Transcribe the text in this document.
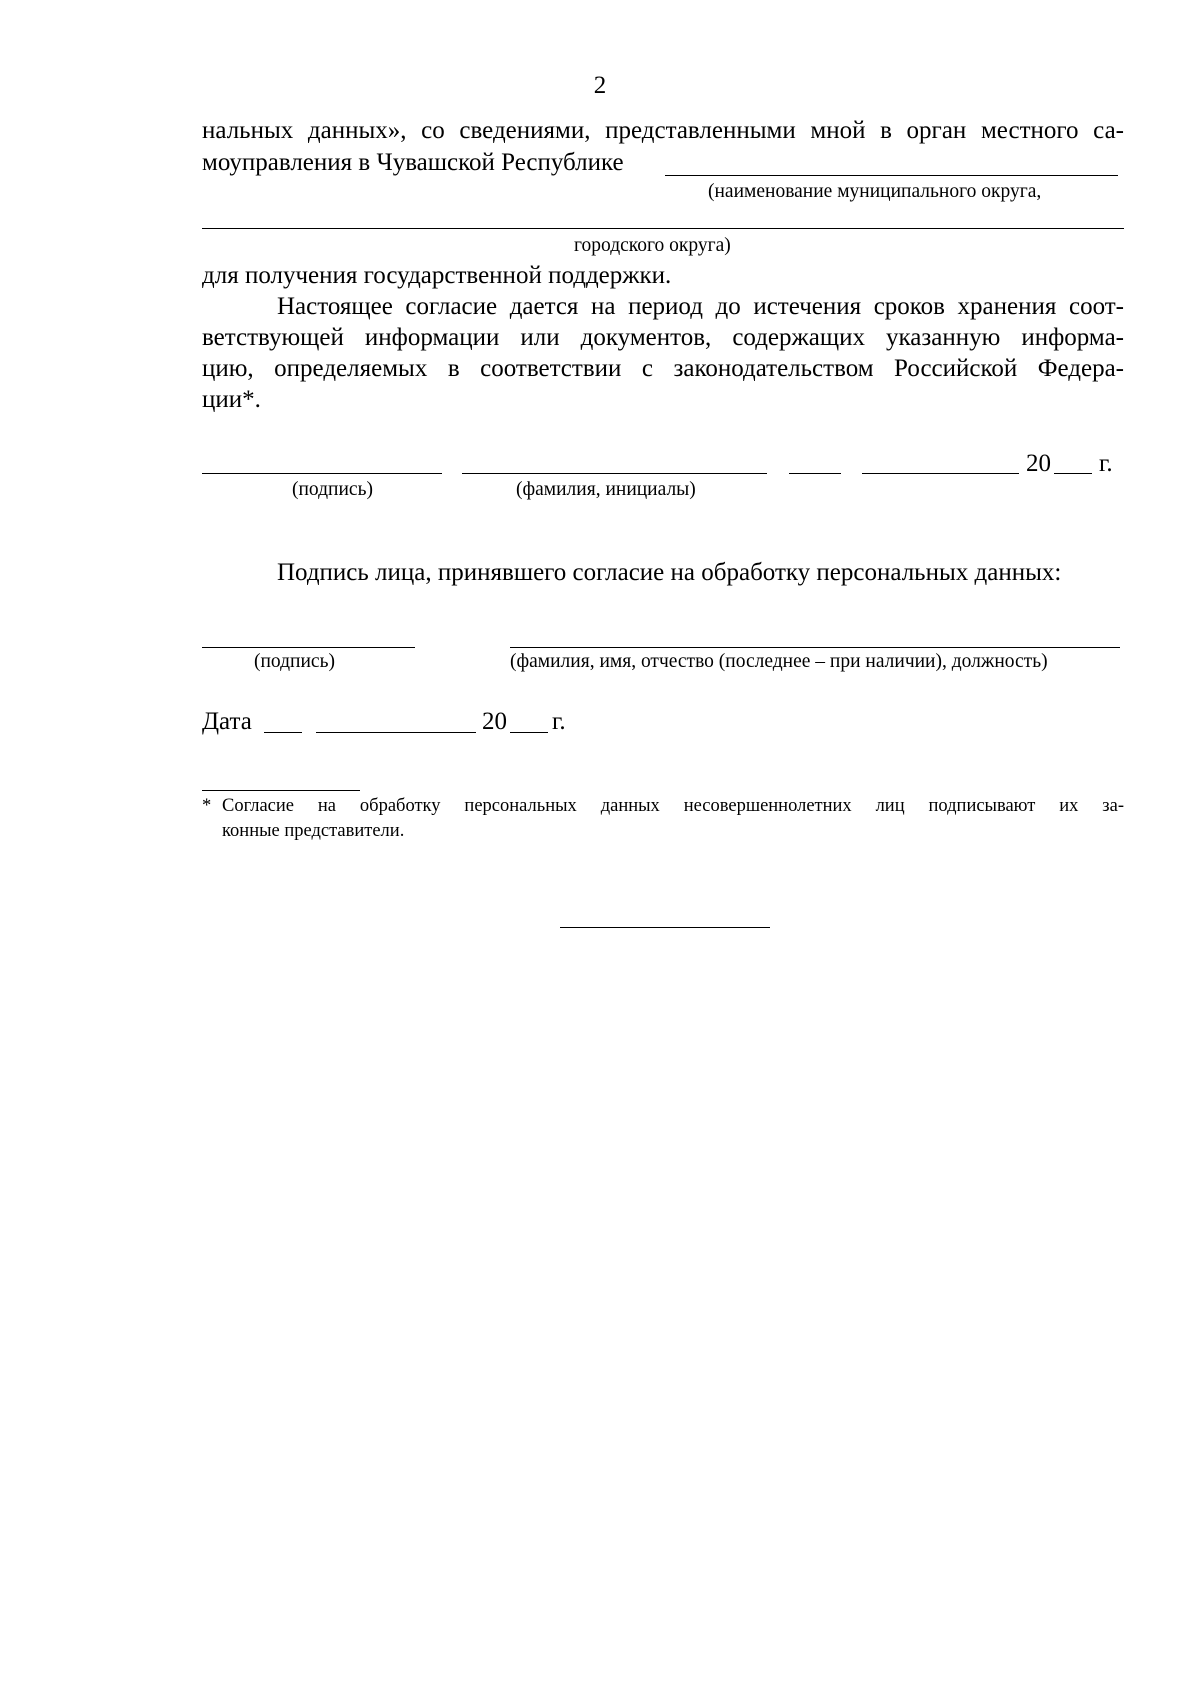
2
нальных данных», со сведениями, представленными мной в орган местного са-
моуправления в Чувашской Республике
(наименование муниципального округа,
городского округа)
для получения государственной поддержки.
Настоящее согласие дается на период до истечения сроков хранения соот-
ветствующей информации или документов, содержащих указанную информа-
цию, определяемых в соответствии с законодательством Российской Федера-
ции*.
20 г.
(подпись)	(фамилия, инициалы)
Подпись лица, принявшего согласие на обработку персональных данных:
(подпись)	(фамилия, имя, отчество (последнее – при наличии), должность)
Дата	20 г.
* Согласие на обработку персональных данных несовершеннолетних лиц подписывают их за-
конные представители.
